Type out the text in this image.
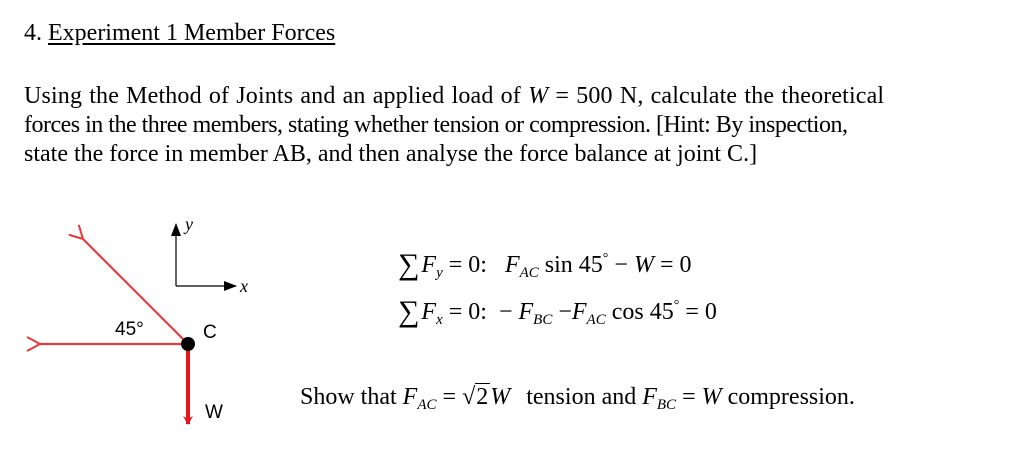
4. Experiment 1 Member Forces
Using the Method of Joints and an applied load of W = 500 N, calculate the theoretical
forces in the three members, stating whether tension or compression. [Hint: By inspection,
state the force in member AB, and then analyse the force balance at joint C.]
y
x
45°	C
W
$\sum F_y = 0$: $F_{AC}$ sin 45° − W = 0
$\sum F_x = 0$: − $F_{BC} -F_{AC}$ cos 45° = 0
Show that $F_{AC} = √2W$ tension and $F_{BC} = W$ compression.
